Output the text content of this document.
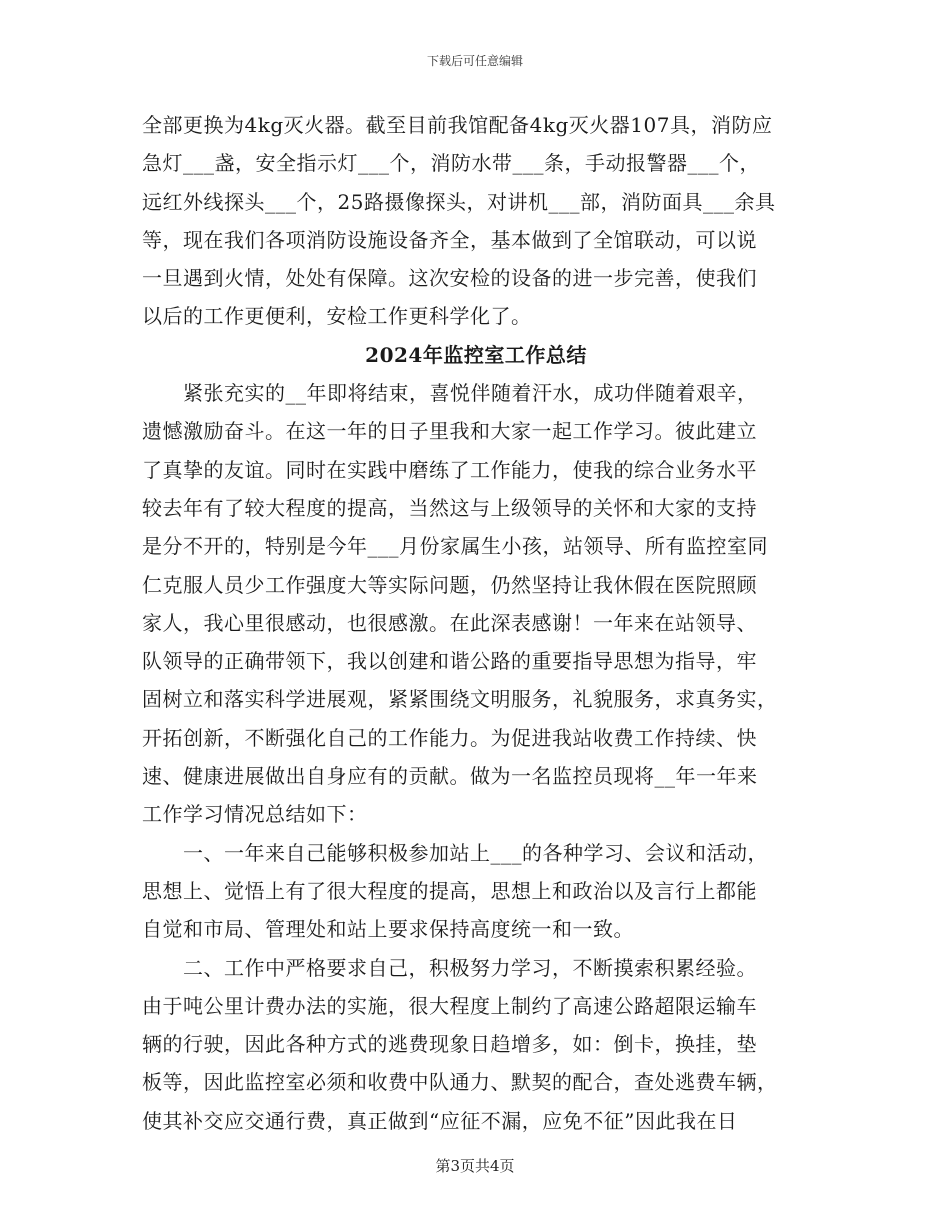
下载后可任意编辑
全部更换为4kg灭火器。截至目前我馆配备4kg灭火器107具，消防应
急灯___盏，安全指示灯___个，消防水带___条，手动报警器___个，
远红外线探头___个，25路摄像探头，对讲机___部，消防面具___余具
等，现在我们各项消防设施设备齐全，基本做到了全馆联动，可以说
一旦遇到火情，处处有保障。这次安检的设备的进一步完善，使我们
以后的工作更便利，安检工作更科学化了。
2024年监控室工作总结
紧张充实的__年即将结束，喜悦伴随着汗水，成功伴随着艰辛，
遗憾激励奋斗。在这一年的日子里我和大家一起工作学习。彼此建立
了真挚的友谊。同时在实践中磨练了工作能力，使我的综合业务水平
较去年有了较大程度的提高，当然这与上级领导的关怀和大家的支持
是分不开的，特别是今年___月份家属生小孩，站领导、所有监控室同
仁克服人员少工作强度大等实际问题，仍然坚持让我休假在医院照顾
家人，我心里很感动，也很感激。在此深表感谢！一年来在站领导、
队领导的正确带领下，我以创建和谐公路的重要指导思想为指导，牢
固树立和落实科学进展观，紧紧围绕文明服务，礼貌服务，求真务实，
开拓创新，不断强化自己的工作能力。为促进我站收费工作持续、快
速、健康进展做出自身应有的贡献。做为一名监控员现将__年一年来
工作学习情况总结如下：
一、一年来自己能够积极参加站上___的各种学习、会议和活动，
思想上、觉悟上有了很大程度的提高，思想上和政治以及言行上都能
自觉和市局、管理处和站上要求保持高度统一和一致。
二、工作中严格要求自己，积极努力学习，不断摸索积累经验。
由于吨公里计费办法的实施，很大程度上制约了高速公路超限运输车
辆的行驶，因此各种方式的逃费现象日趋增多，如：倒卡，换挂，垫
板等，因此监控室必须和收费中队通力、默契的配合，查处逃费车辆，
使其补交应交通行费，真正做到“应征不漏，应免不征”因此我在日
第3页共4页
